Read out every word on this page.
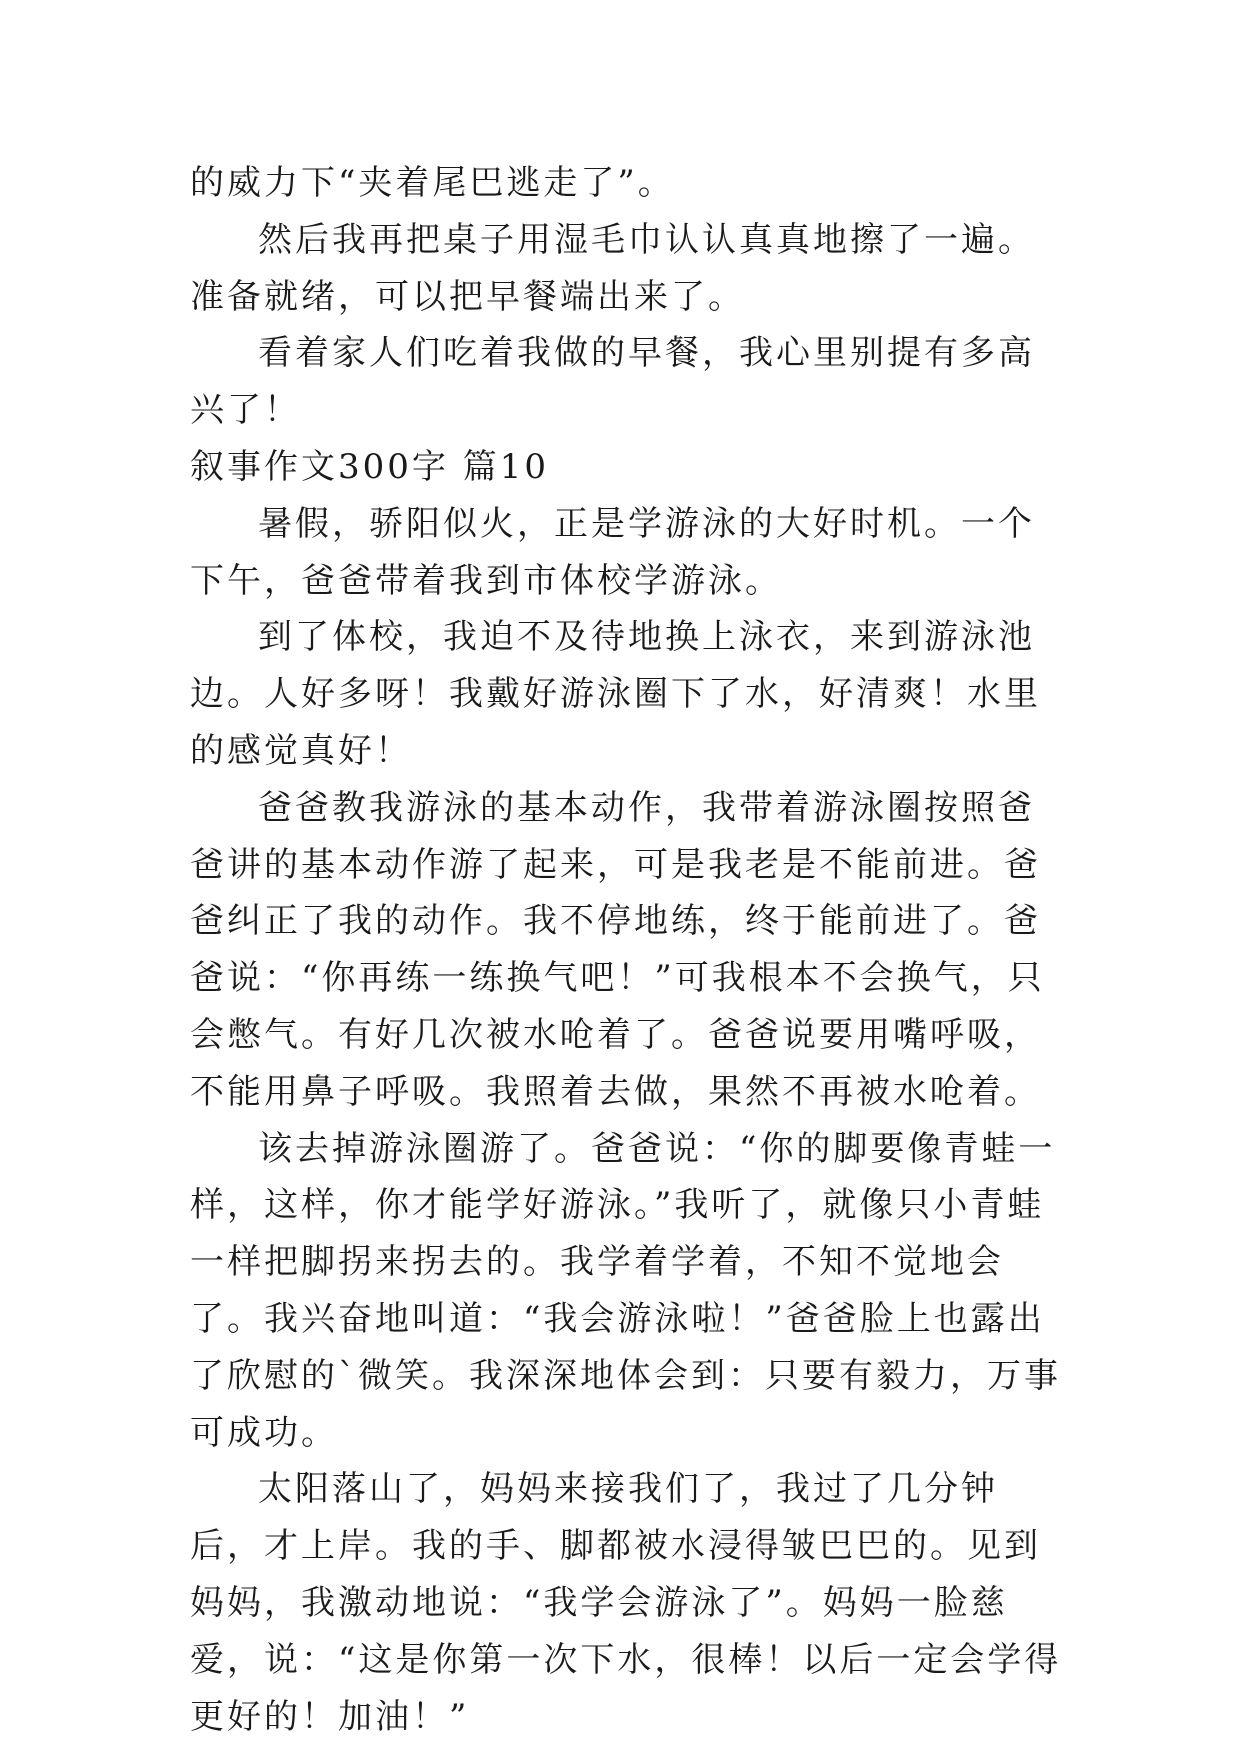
的威力下“夹着尾巴逃走了”。

然后我再把桌子用湿毛巾认认真真地擦了一遍。准备就绪，可以把早餐端出来了。

看着家人们吃着我做的早餐，我心里别提有多高兴了！

叙事作文300字 篇10

暑假，骄阳似火，正是学游泳的大好时机。一个下午，爸爸带着我到市体校学游泳。

到了体校，我迫不及待地换上泳衣，来到游泳池边。人好多呀！我戴好游泳圈下了水，好清爽！水里的感觉真好！

爸爸教我游泳的基本动作，我带着游泳圈按照爸爸讲的基本动作游了起来，可是我老是不能前进。爸爸纠正了我的动作。我不停地练，终于能前进了。爸爸说：“你再练一练换气吧！”可我根本不会换气，只会憋气。有好几次被水呛着了。爸爸说要用嘴呼吸，不能用鼻子呼吸。我照着去做，果然不再被水呛着。

该去掉游泳圈游了。爸爸说：“你的脚要像青蛙一样，这样，你才能学好游泳。”我听了，就像只小青蛙一样把脚拐来拐去的。我学着学着，不知不觉地会了。我兴奋地叫道：“我会游泳啦！”爸爸脸上也露出了欣慰的`微笑。我深深地体会到：只要有毅力，万事可成功。

太阳落山了，妈妈来接我们了，我过了几分钟后，才上岸。我的手、脚都被水浸得皱巴巴的。见到妈妈，我激动地说：“我学会游泳了”。妈妈一脸慈爱，说：“这是你第一次下水，很棒！以后一定会学得更好的！加油！”
